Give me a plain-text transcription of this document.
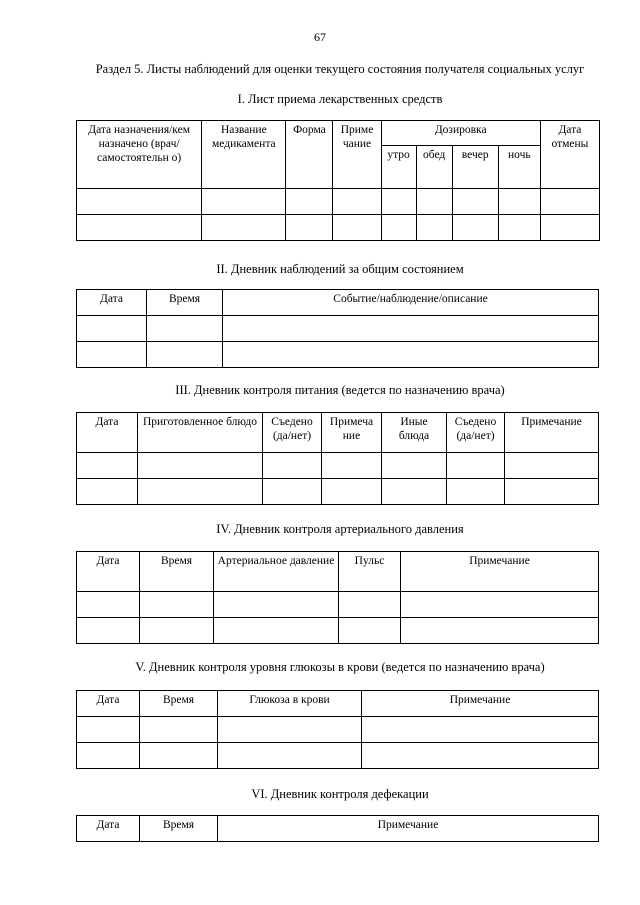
67
Раздел 5. Листы наблюдений для оценки текущего состояния получателя социальных услуг
I. Лист приема лекарственных средств
Дата назначения/кем назначено (врач/самостоятельн о)	Название медикамента	Форма	Приме чание	Дозировка				Дата отмены
				утро	обед	вечер	ночь	

II. Дневник наблюдений за общим состоянием
Дата	Время	Событие/наблюдение/описание

III. Дневник контроля питания (ведется по назначению врача)
Дата	Приготовленное блюдо	Съедено (да/нет)	Примеча ние	Иные блюда	Съедено (да/нет)	Примечание

IV. Дневник контроля артериального давления
Дата	Время	Артериальное давление	Пульс	Примечание

V. Дневник контроля уровня глюкозы в крови (ведется по назначению врача)
Дата	Время	Глюкоза в крови	Примечание

VI. Дневник контроля дефекации
Дата	Время	Примечание
